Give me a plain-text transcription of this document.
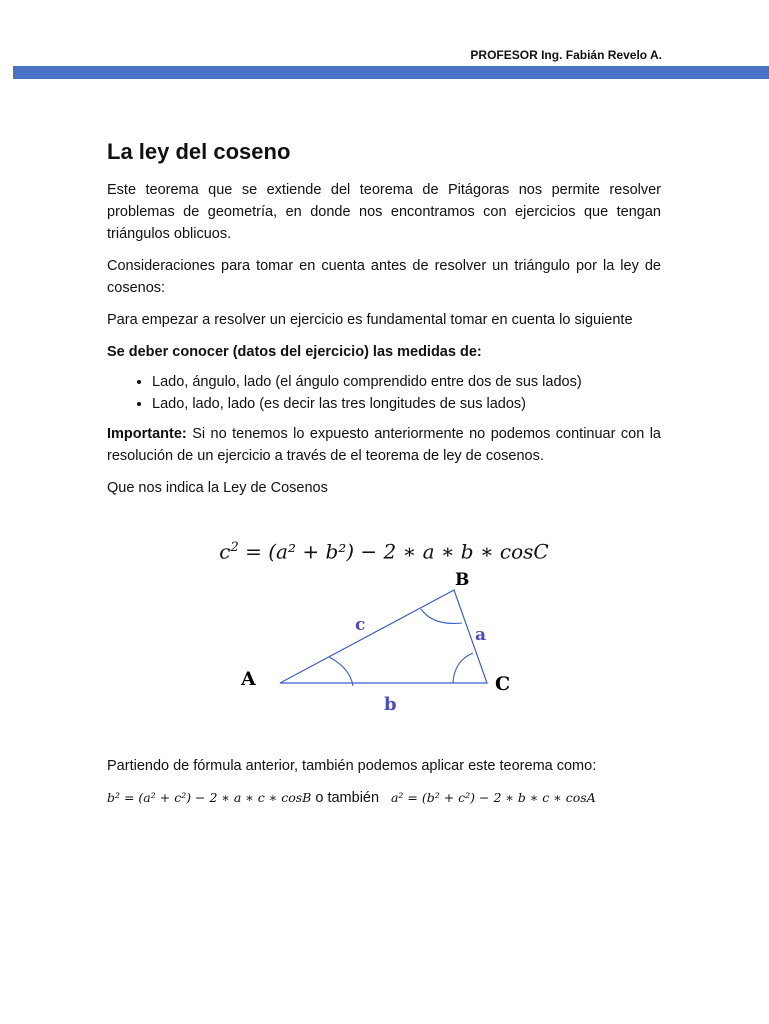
PROFESOR Ing. Fabián Revelo A.
La ley del coseno

Este teorema que se extiende del teorema de Pitágoras nos permite resolver problemas de geometría, en donde nos encontramos con ejercicios que tengan triángulos oblicuos.

Consideraciones para tomar en cuenta antes de resolver un triángulo por la ley de cosenos:

Para empezar a resolver un ejercicio es fundamental tomar en cuenta lo siguiente

Se deber conocer (datos del ejercicio) las medidas de:

• Lado, ángulo, lado (el ángulo comprendido entre dos de sus lados)
• Lado, lado, lado (es decir las tres longitudes de sus lados)

Importante: Si no tenemos lo expuesto anteriormente no podemos continuar con la resolución de un ejercicio a través de el teorema de ley de cosenos.

Que nos indica la Ley de Cosenos

$c^2 = (a^2 + b^2) - 2$ ∗ a ∗ b ∗ cosC
A
B
C
c	a
b

Partiendo de fórmula anterior, también podemos aplicar este teorema como:

b² = (a² + c²) − 2 ∗ a ∗ c ∗ cosB o también a² = (b² + c²) − 2 ∗ b ∗ c ∗ cosA
